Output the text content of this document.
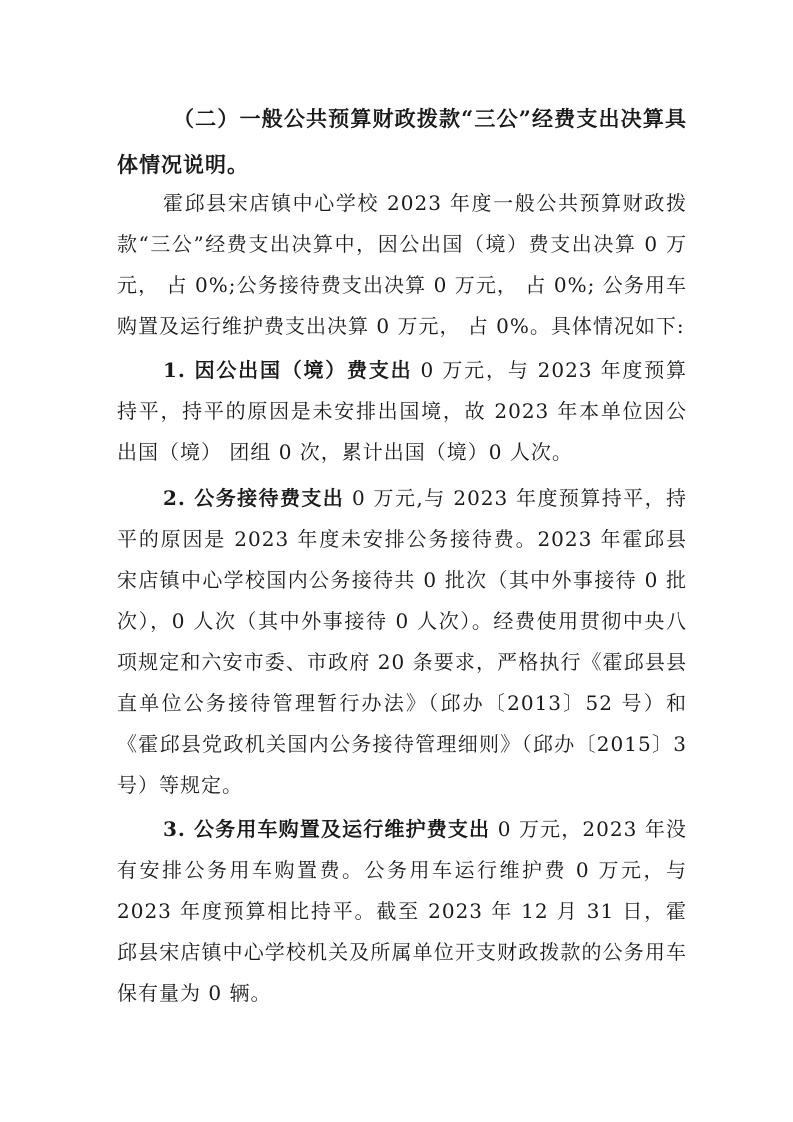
（二）一般公共预算财政拨款“三公”经费支出决算具体情况说明。

霍邱县宋店镇中心学校 2023 年度一般公共预算财政拨款“三公”经费支出决算中，因公出国（境）费支出决算 0 万元， 占 0%;公务接待费支出决算 0 万元， 占 0%; 公务用车购置及运行维护费支出决算 0 万元， 占 0%。具体情况如下:

1. 因公出国（境）费支出 0 万元，与 2023 年度预算持平，持平的原因是未安排出国境，故 2023 年本单位因公出国（境） 团组 0 次，累计出国（境）0 人次。

2. 公务接待费支出 0 万元,与 2023 年度预算持平，持平的原因是 2023 年度未安排公务接待费。2023 年霍邱县宋店镇中心学校国内公务接待共 0 批次（其中外事接待 0 批次），0 人次（其中外事接待 0 人次）。经费使用贯彻中央八项规定和六安市委、市政府 20 条要求，严格执行《霍邱县县直单位公务接待管理暂行办法》（邱办〔2013〕52 号）和《霍邱县党政机关国内公务接待管理细则》（邱办〔2015〕3 号）等规定。

3. 公务用车购置及运行维护费支出 0 万元，2023 年没有安排公务用车购置费。公务用车运行维护费 0 万元，与 2023 年度预算相比持平。截至 2023 年 12 月 31 日，霍邱县宋店镇中心学校机关及所属单位开支财政拨款的公务用车保有量为 0 辆。
